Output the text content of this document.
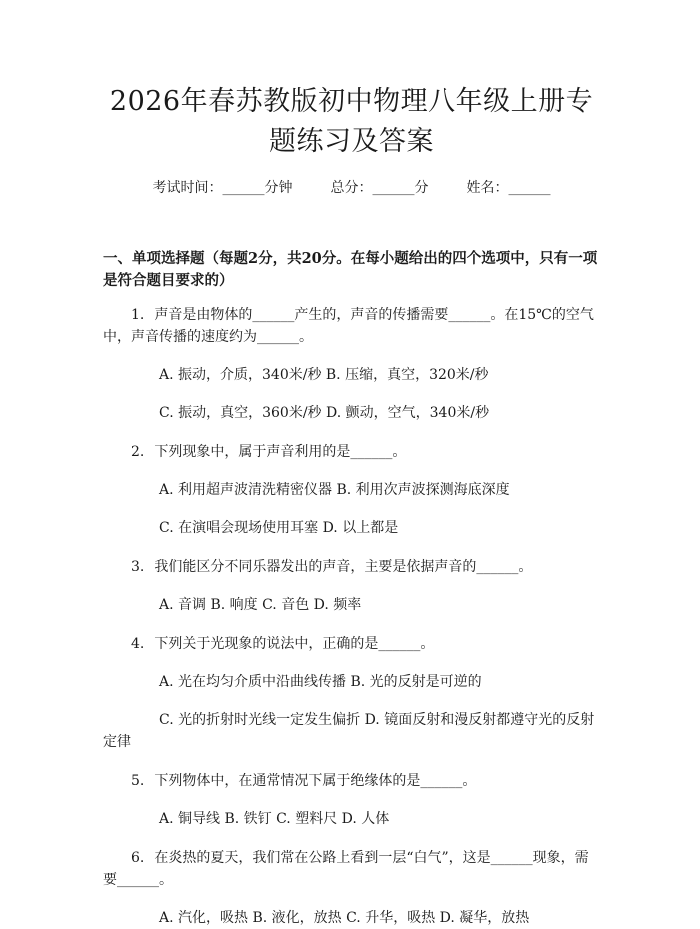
2026年春苏教版初中物理八年级上册专题练习及答案
考试时间：______分钟	总分：______分	姓名：______
一、单项选择题（每题2分，共20分。在每小题给出的四个选项中，只有一项是符合题目要求的）
1. 声音是由物体的______产生的，声音的传播需要______。在15℃的空气中，声音传播的速度约为______。
A. 振动，介质，340米/秒 B. 压缩，真空，320米/秒
C. 振动，真空，360米/秒 D. 颤动，空气，340米/秒
2. 下列现象中，属于声音利用的是______。
A. 利用超声波清洗精密仪器 B. 利用次声波探测海底深度
C. 在演唱会现场使用耳塞 D. 以上都是
3. 我们能区分不同乐器发出的声音，主要是依据声音的______。
A. 音调 B. 响度 C. 音色 D. 频率
4. 下列关于光现象的说法中，正确的是______。
A. 光在均匀介质中沿曲线传播 B. 光的反射是可逆的
C. 光的折射时光线一定发生偏折 D. 镜面反射和漫反射都遵守光的反射定律
5. 下列物体中，在通常情况下属于绝缘体的是______。
A. 铜导线 B. 铁钉 C. 塑料尺 D. 人体
6. 在炎热的夏天，我们常在公路上看到一层“白气”，这是______现象，需要______。
A. 汽化，吸热 B. 液化，放热 C. 升华，吸热 D. 凝华，放热
